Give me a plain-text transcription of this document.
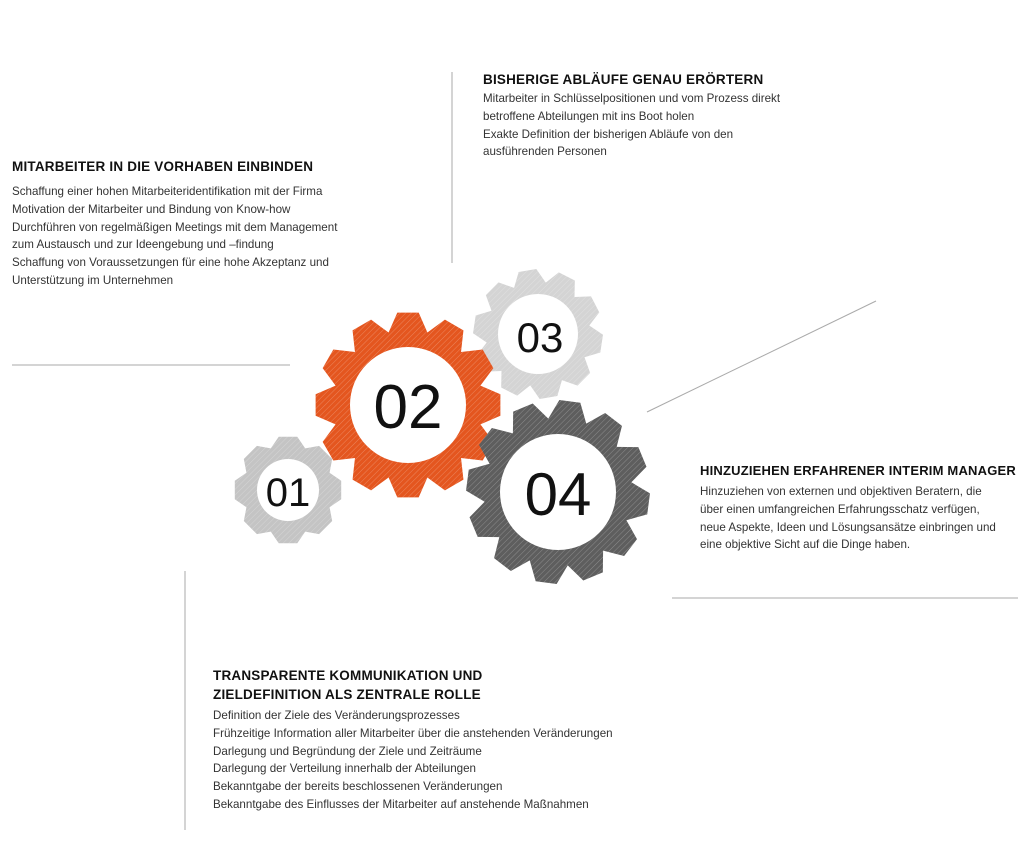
03
02
01	04
BISHERIGE ABLÄUFE GENAU ERÖRTERN
Mitarbeiter in Schlüsselpositionen und vom Prozess direkt
betroffene Abteilungen mit ins Boot holen
Exakte Definition der bisherigen Abläufe von den
ausführenden Personen
MITARBEITER IN DIE VORHABEN EINBINDEN
Schaffung einer hohen Mitarbeiteridentifikation mit der Firma
Motivation der Mitarbeiter und Bindung von Know-how
Durchführen von regelmäßigen Meetings mit dem Management
zum Austausch und zur Ideengebung und –findung
Schaffung von Voraussetzungen für eine hohe Akzeptanz und
Unterstützung im Unternehmen
HINZUZIEHEN ERFAHRENER INTERIM MANAGER
Hinzuziehen von externen und objektiven Beratern, die
über einen umfangreichen Erfahrungsschatz verfügen,
neue Aspekte, Ideen und Lösungsansätze einbringen und
eine objektive Sicht auf die Dinge haben.
TRANSPARENTE KOMMUNIKATION UND
ZIELDEFINITION ALS ZENTRALE ROLLE
Definition der Ziele des Veränderungsprozesses
Frühzeitige Information aller Mitarbeiter über die anstehenden Veränderungen
Darlegung und Begründung der Ziele und Zeiträume
Darlegung der Verteilung innerhalb der Abteilungen
Bekanntgabe der bereits beschlossenen Veränderungen
Bekanntgabe des Einflusses der Mitarbeiter auf anstehende Maßnahmen
